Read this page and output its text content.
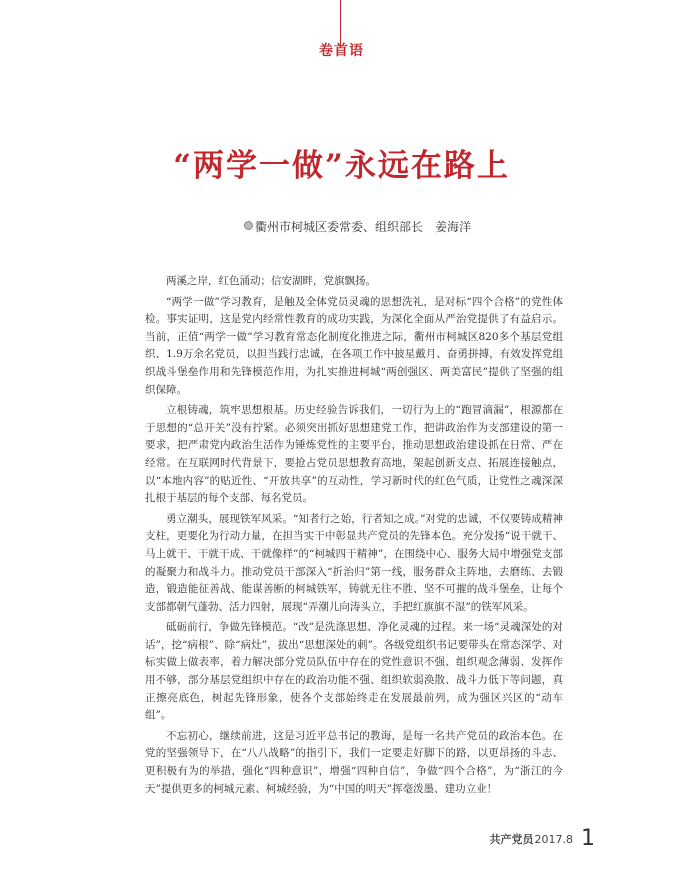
卷首语
“两学一做”永远在路上
衢州市柯城区委常委、组织部长　姜海洋

两溪之岸，红色涌动；信安湖畔，党旗飘扬。

“两学一做”学习教育，是触及全体党员灵魂的思想洗礼，是对标“四个合格”的党性体检。事实证明，这是党内经常性教育的成功实践，为深化全面从严治党提供了有益启示。当前，正值“两学一做”学习教育常态化制度化推进之际，衢州市柯城区820多个基层党组织、1.9万余名党员，以担当践行忠诚，在各项工作中披星戴月、奋勇拼搏，有效发挥党组织战斗堡垒作用和先锋模范作用，为扎实推进柯城“两创强区、两美富民”提供了坚强的组织保障。

立根铸魂，筑牢思想根基。历史经验告诉我们，一切行为上的“跑冒滴漏”，根源都在于思想的“总开关”没有拧紧。必须突出抓好思想建党工作，把讲政治作为支部建设的第一要求，把严肃党内政治生活作为锤炼党性的主要平台，推动思想政治建设抓在日常、严在经常。在互联网时代背景下，要抢占党员思想教育高地，架起创新支点、拓展连接触点，以“本地内容”的贴近性、“开放共享”的互动性，学习新时代的红色气质，让党性之魂深深扎根于基层的每个支部、每名党员。

勇立潮头，展现铁军风采。“知者行之始，行者知之成。”对党的忠诚，不仅要铸成精神支柱，更要化为行动力量，在担当实干中彰显共产党员的先锋本色。充分发扬“说干就干、马上就干、干就干成、干就像样”的“柯城四干精神”，在围绕中心、服务大局中增强党支部的凝聚力和战斗力。推动党员干部深入“折治归”第一线，服务群众主阵地，去磨练、去锻造，锻造能征善战、能谋善断的柯城铁军，铸就无往不胜、坚不可摧的战斗堡垒，让每个支部都朝气蓬勃、活力四射，展现“弄潮儿向涛头立，手把红旗旗不湿”的铁军风采。

砥砺前行，争做先锋模范。“改”是洗涤思想、净化灵魂的过程。来一场“灵魂深处的对话”，挖“病根”、除“病灶”，拔出“思想深处的刺”。各级党组织书记要带头在常态深学、对标实做上做表率，着力解决部分党员队伍中存在的党性意识不强、组织观念薄弱、发挥作用不够，部分基层党组织中存在的政治功能不强、组织软弱涣散、战斗力低下等问题，真正擦亮底色，树起先锋形象，使各个支部始终走在发展最前列，成为强区兴区的“动车组”。

不忘初心，继续前进，这是习近平总书记的教诲，是每一名共产党员的政治本色。在党的坚强领导下，在“八八战略”的指引下，我们一定要走好脚下的路，以更昂扬的斗志、更积极有为的举措，强化“四种意识”，增强“四种自信”，争做“四个合格”，为“浙江的今天”提供更多的柯城元素、柯城经验，为“中国的明天”挥毫泼墨、建功立业！

共产党员2017.8 1
